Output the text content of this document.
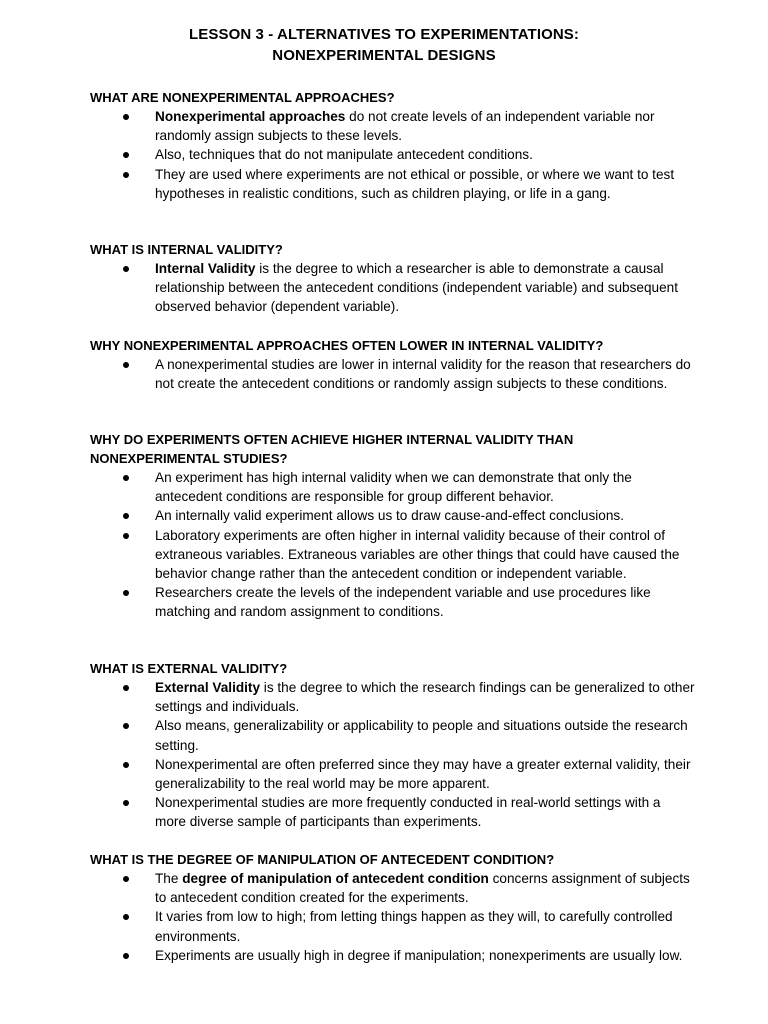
LESSON 3 - ALTERNATIVES TO EXPERIMENTATIONS:
NONEXPERIMENTAL DESIGNS
WHAT ARE NONEXPERIMENTAL APPROACHES?
Nonexperimental approaches do not create levels of an independent variable nor randomly assign subjects to these levels.
Also, techniques that do not manipulate antecedent conditions.
They are used where experiments are not ethical or possible, or where we want to test hypotheses in realistic conditions, such as children playing, or life in a gang.
WHAT IS INTERNAL VALIDITY?
Internal Validity is the degree to which a researcher is able to demonstrate a causal relationship between the antecedent conditions (independent variable) and subsequent observed behavior (dependent variable).
WHY NONEXPERIMENTAL APPROACHES OFTEN LOWER IN INTERNAL VALIDITY?
A nonexperimental studies are lower in internal validity for the reason that researchers do not create the antecedent conditions or randomly assign subjects to these conditions.
WHY DO EXPERIMENTS OFTEN ACHIEVE HIGHER INTERNAL VALIDITY THAN NONEXPERIMENTAL STUDIES?
An experiment has high internal validity when we can demonstrate that only the antecedent conditions are responsible for group different behavior.
An internally valid experiment allows us to draw cause-and-effect conclusions.
Laboratory experiments are often higher in internal validity because of their control of extraneous variables. Extraneous variables are other things that could have caused the behavior change rather than the antecedent condition or independent variable.
Researchers create the levels of the independent variable and use procedures like matching and random assignment to conditions.
WHAT IS EXTERNAL VALIDITY?
External Validity is the degree to which the research findings can be generalized to other settings and individuals.
Also means, generalizability or applicability to people and situations outside the research setting.
Nonexperimental are often preferred since they may have a greater external validity, their generalizability to the real world may be more apparent.
Nonexperimental studies are more frequently conducted in real-world settings with a more diverse sample of participants than experiments.
WHAT IS THE DEGREE OF MANIPULATION OF ANTECEDENT CONDITION?
The degree of manipulation of antecedent condition concerns assignment of subjects to antecedent condition created for the experiments.
It varies from low to high; from letting things happen as they will, to carefully controlled environments.
Experiments are usually high in degree if manipulation; nonexperiments are usually low.
